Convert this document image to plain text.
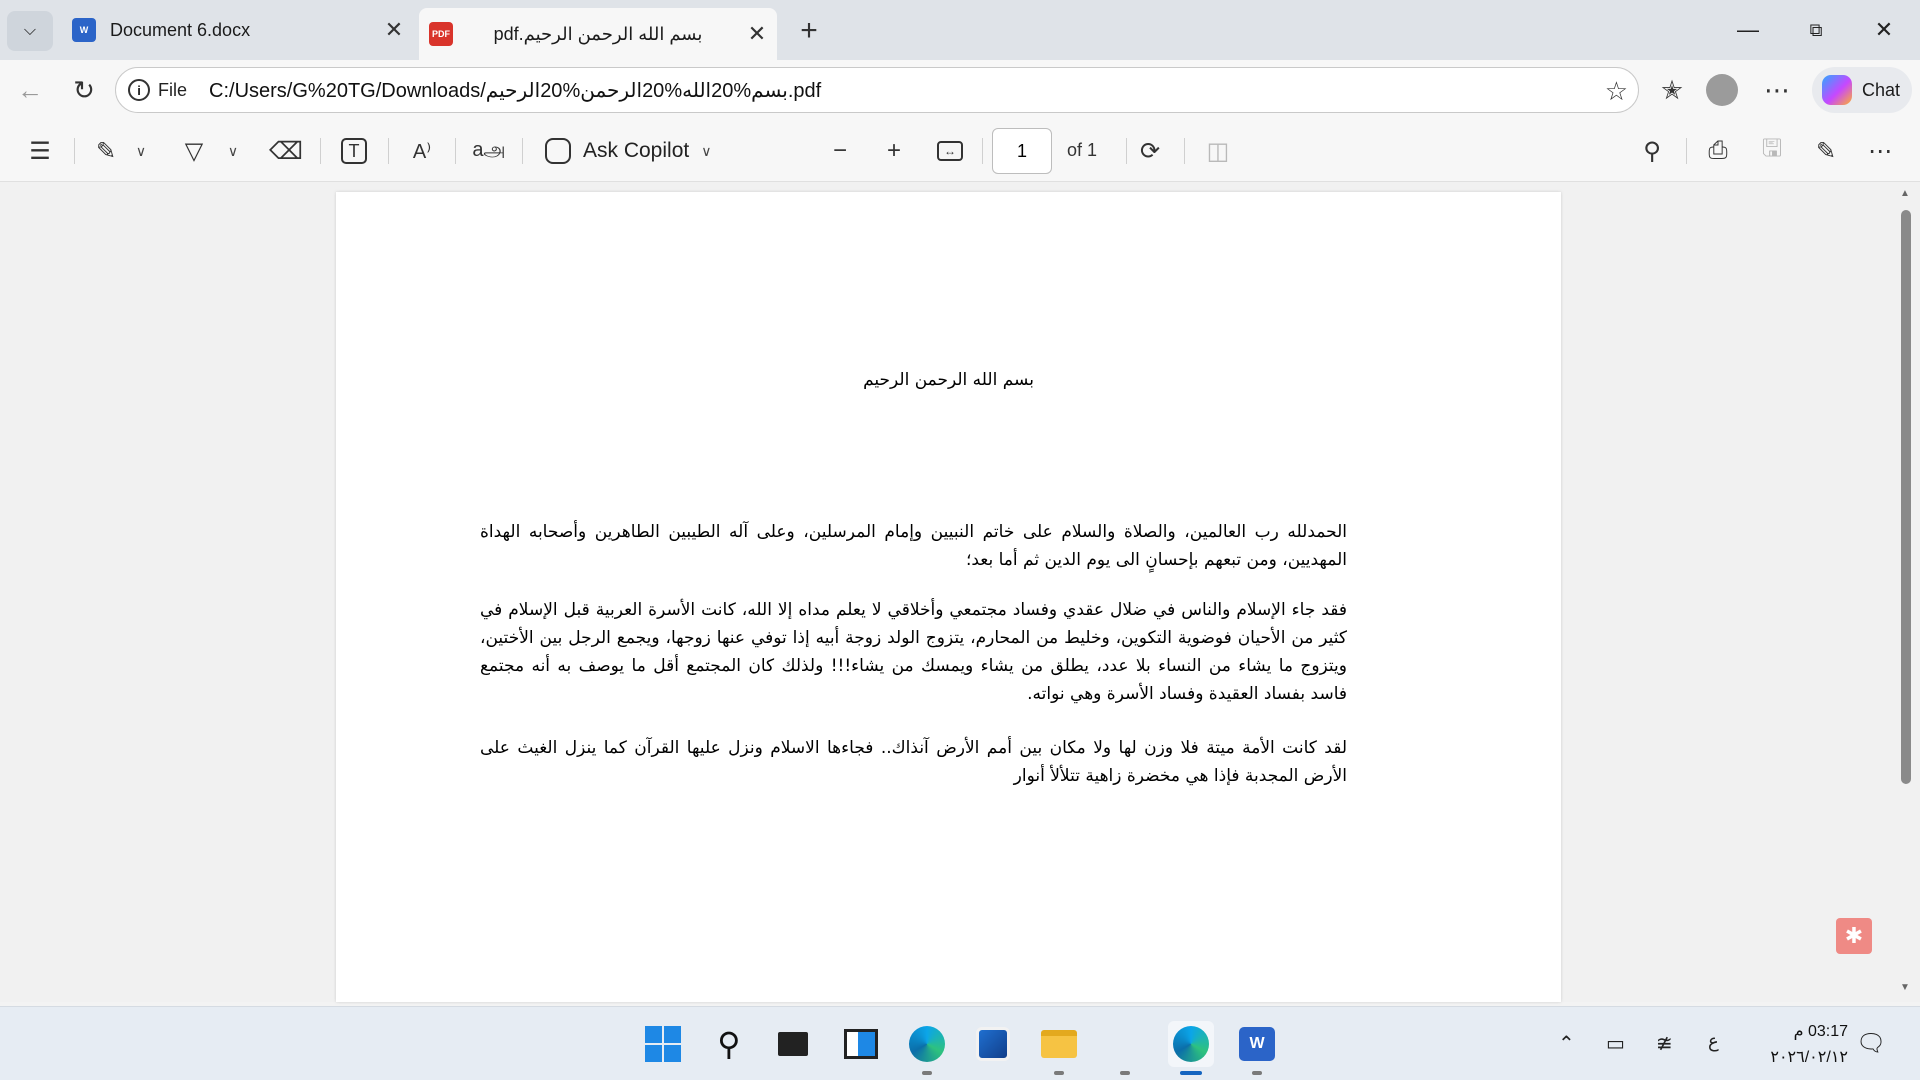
⌵	W	Document 6.docx	✕	PDF	بسم الله الرحمن الرحيم.pdf	✕ +	—	⧉ ✕
← ↻	i File C:/Users/G%20TG/Downloads/بسم%20الله%20الرحمن%20الرحيم.pdf	☆ ✭	⋯	Chat
☰ ✎ ∨ ▽ ∨ ⌫	T	A⁾ aஅ	Ask Copilot ∨	− +	↔
1	of 1 ⟳ ◫	⚲ ⎙ 🖫 ✎ ⋯
بسم الله الرحمن الرحيم

الحمدلله رب العالمين، والصلاة والسلام على خاتم النبيين وإمام المرسلين، وعلى آله الطيبين الطاهرين وأصحابه الهداة المهديين، ومن تبعهم بإحسانٍ الى يوم الدين ثم أما بعد؛

فقد جاء الإسلام والناس في ضلال عقدي وفساد مجتمعي وأخلاقي لا يعلم مداه إلا الله، كانت الأسرة العربية قبل الإسلام في كثير من الأحيان فوضوية التكوين، وخليط من المحارم، يتزوج الولد زوجة أبيه إذا توفي عنها زوجها، ويجمع الرجل بين الأختين، ويتزوج ما يشاء من النساء بلا عدد، يطلق من يشاء ويمسك من يشاء!!! ولذلك كان المجتمع أقل ما يوصف به أنه مجتمع فاسد بفساد العقيدة وفساد الأسرة وهي نواته.

لقد كانت الأمة ميتة فلا وزن لها ولا مكان بين أمم الأرض آنذاك.. فجاءها الاسلام ونزل عليها القرآن كما ينزل الغيث على الأرض المجدبة فإذا هي مخضرة زاهية تتلألأ أنوار

▲
▼
✱
⚲	W	⌃ ▭ ≇ ع	03:17 م
٢٠٢٦/٠٢/١٢
🗨
